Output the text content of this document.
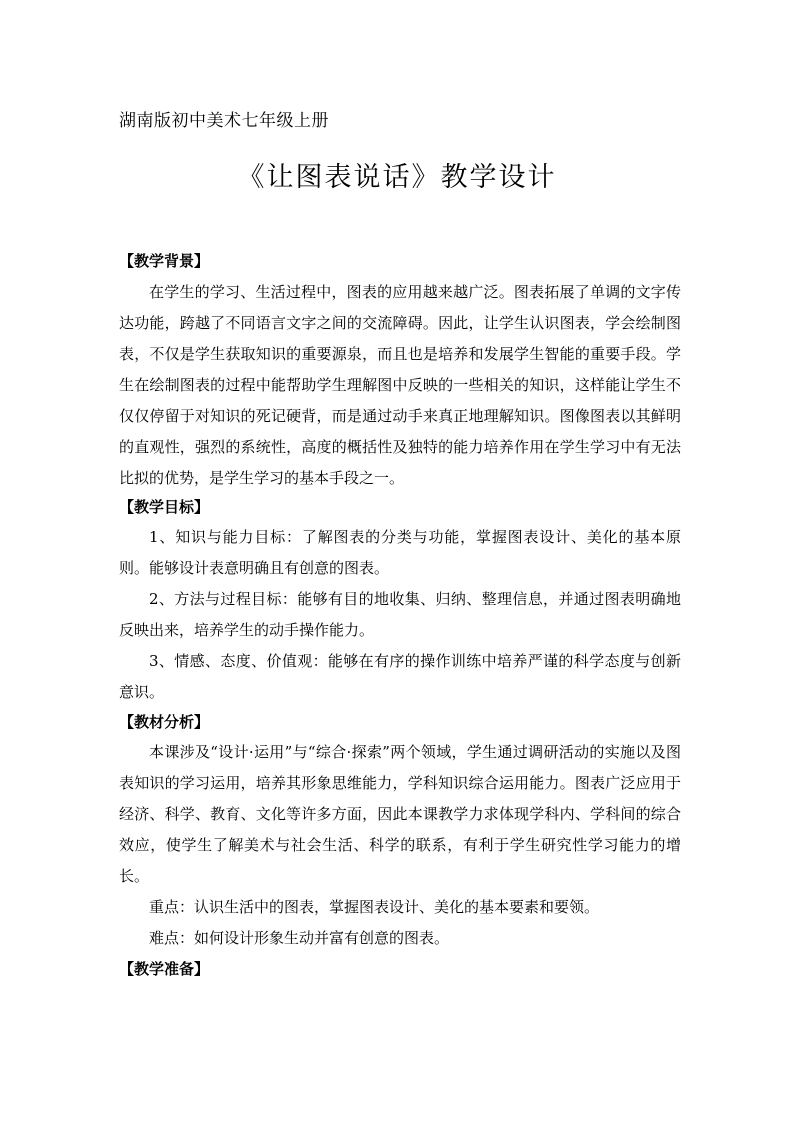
湖南版初中美术七年级上册
《让图表说话》教学设计
【教学背景】
在学生的学习、生活过程中，图表的应用越来越广泛。图表拓展了单调的文字传达功能，跨越了不同语言文字之间的交流障碍。因此，让学生认识图表，学会绘制图表，不仅是学生获取知识的重要源泉，而且也是培养和发展学生智能的重要手段。学生在绘制图表的过程中能帮助学生理解图中反映的一些相关的知识，这样能让学生不仅仅停留于对知识的死记硬背，而是通过动手来真正地理解知识。图像图表以其鲜明的直观性，强烈的系统性，高度的概括性及独特的能力培养作用在学生学习中有无法比拟的优势，是学生学习的基本手段之一。
【教学目标】
1、知识与能力目标：了解图表的分类与功能，掌握图表设计、美化的基本原则。能够设计表意明确且有创意的图表。
2、方法与过程目标：能够有目的地收集、归纳、整理信息，并通过图表明确地反映出来，培养学生的动手操作能力。
3、情感、态度、价值观：能够在有序的操作训练中培养严谨的科学态度与创新意识。
【教材分析】
本课涉及“设计·运用”与“综合·探索”两个领域，学生通过调研活动的实施以及图表知识的学习运用，培养其形象思维能力，学科知识综合运用能力。图表广泛应用于经济、科学、教育、文化等许多方面，因此本课教学力求体现学科内、学科间的综合效应，使学生了解美术与社会生活、科学的联系，有利于学生研究性学习能力的增长。
重点：认识生活中的图表，掌握图表设计、美化的基本要素和要领。
难点：如何设计形象生动并富有创意的图表。
【教学准备】
